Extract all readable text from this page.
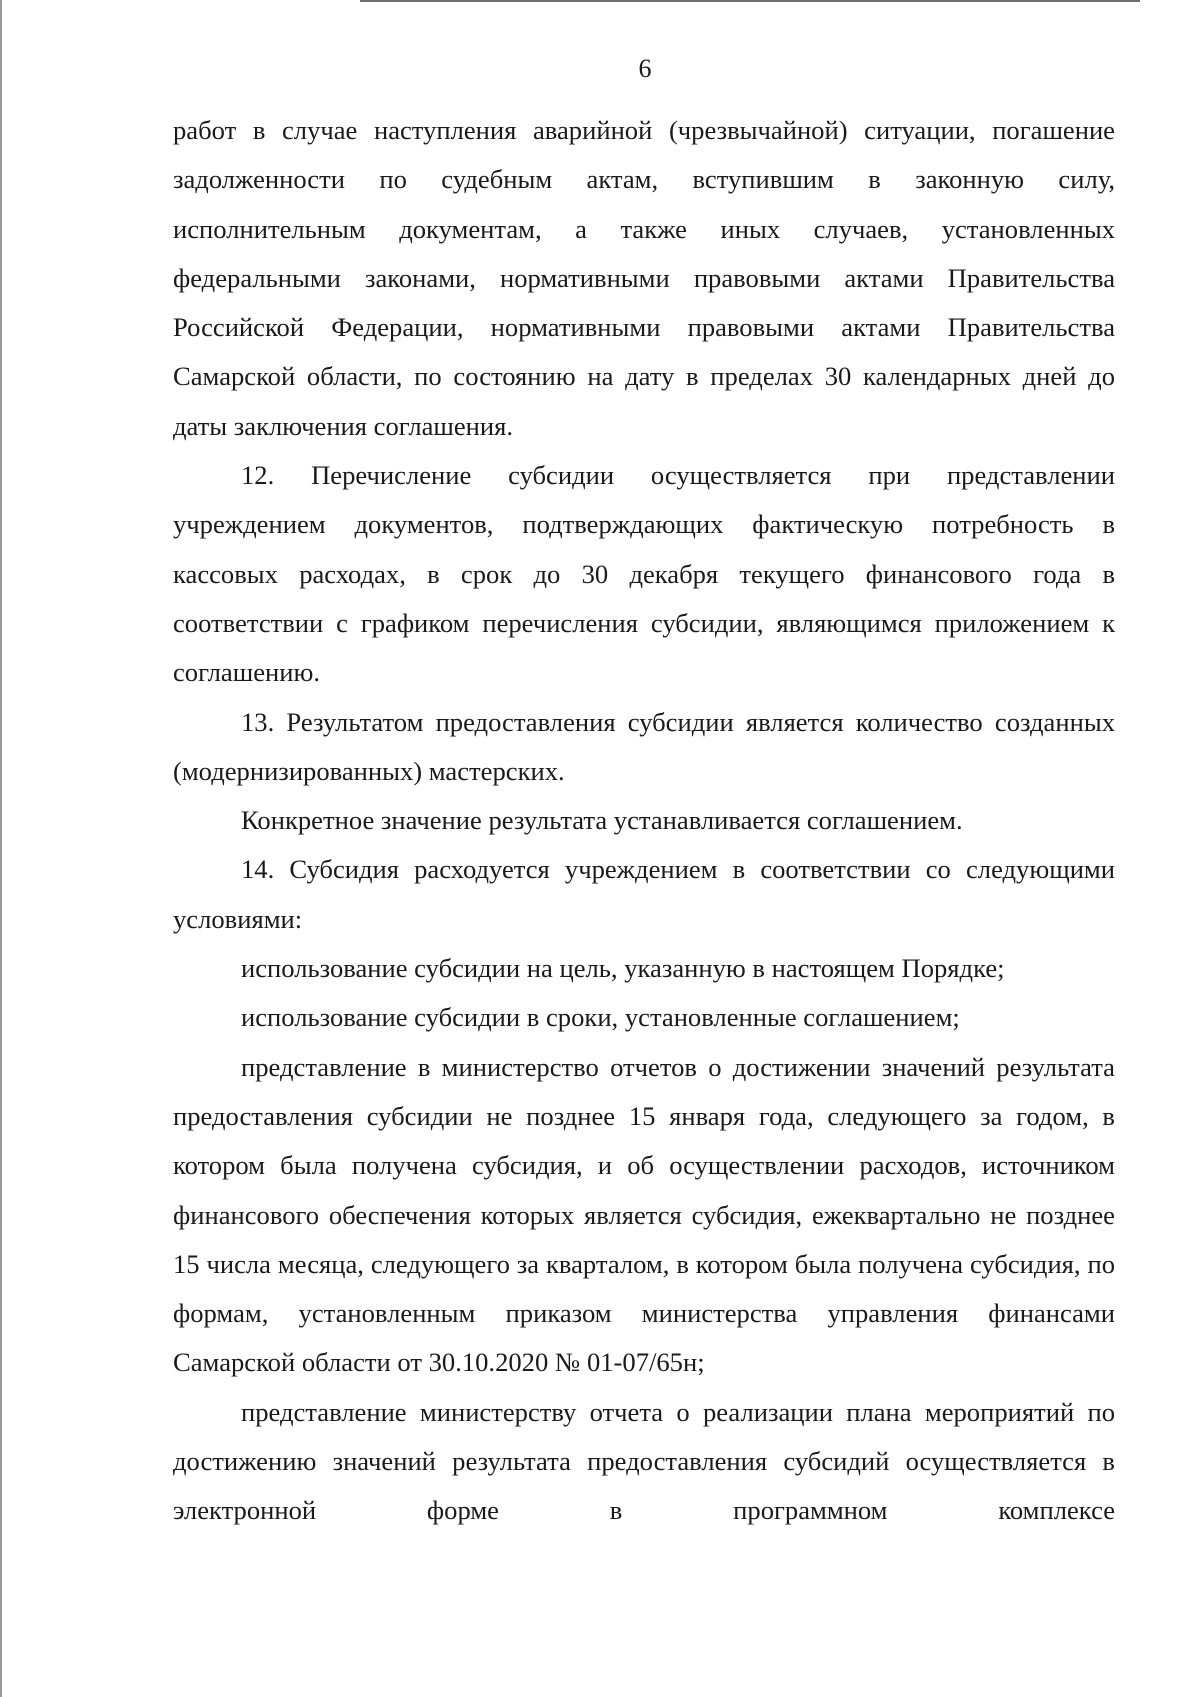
6

работ в случае наступления аварийной (чрезвычайной) ситуации, погашение задолженности по судебным актам, вступившим в законную силу, исполнительным документам, а также иных случаев, установленных федеральными законами, нормативными правовыми актами Правительства Российской Федерации, нормативными правовыми актами Правительства Самарской области, по состоянию на дату в пределах 30 календарных дней до даты заключения соглашения.

12. Перечисление субсидии осуществляется при представлении учреждением документов, подтверждающих фактическую потребность в кассовых расходах, в срок до 30 декабря текущего финансового года в соответствии с графиком перечисления субсидии, являющимся приложением к соглашению.

13. Результатом предоставления субсидии является количество созданных (модернизированных) мастерских.

Конкретное значение результата устанавливается соглашением.

14. Субсидия расходуется учреждением в соответствии со следующими условиями:

использование субсидии на цель, указанную в настоящем Порядке;

использование субсидии в сроки, установленные соглашением;

представление в министерство отчетов о достижении значений результата предоставления субсидии не позднее 15 января года, следующего за годом, в котором была получена субсидия, и об осуществлении расходов, источником финансового обеспечения которых является субсидия, ежеквартально не позднее 15 числа месяца, следующего за кварталом, в котором была получена субсидия, по формам, установленным приказом министерства управления финансами Самарской области от 30.10.2020 № 01-07/65н;

представление министерству отчета о реализации плана мероприятий по достижению значений результата предоставления субсидий осуществляется в электронной форме в программном комплексе
